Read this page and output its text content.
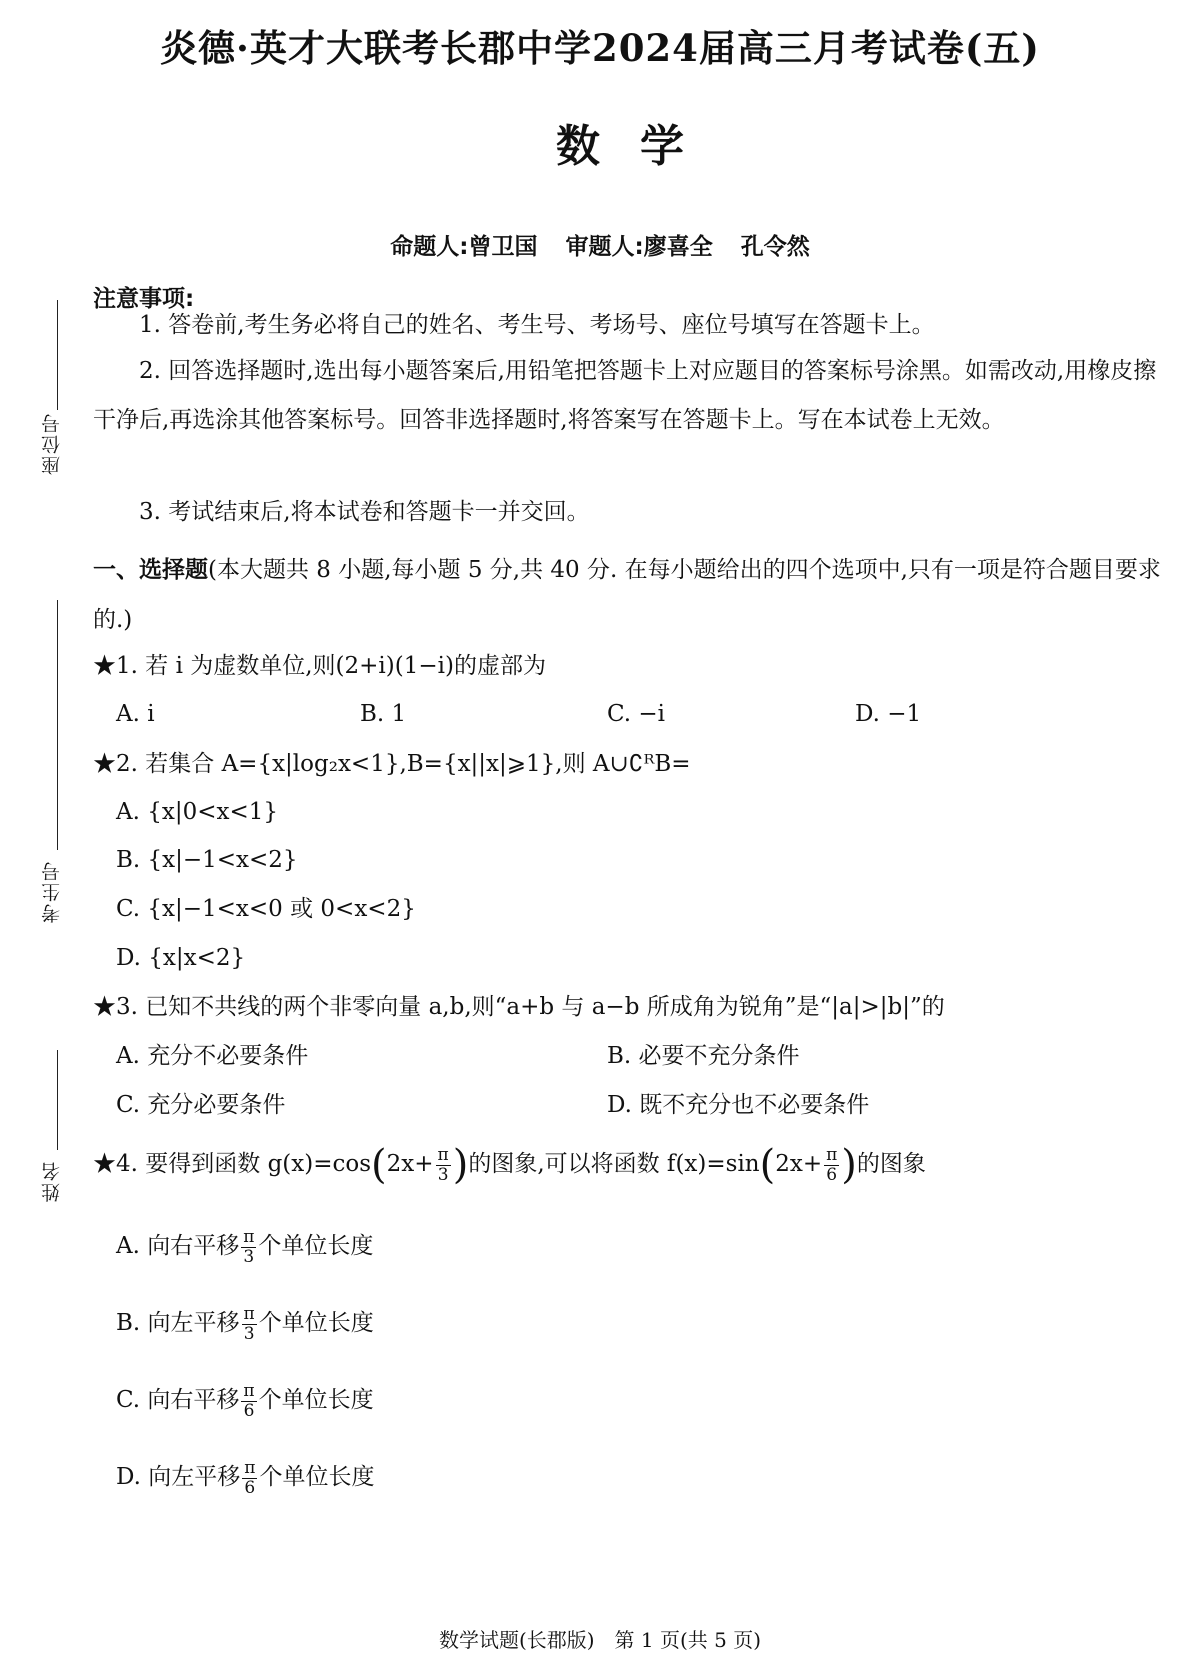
炎德·英才大联考长郡中学2024届高三月考试卷(五)
数学
命题人:曾卫国 审题人:廖喜全 孔令然
座位号
考生号
姓名
注意事项:
1. 答卷前,考生务必将自己的姓名、考生号、考场号、座位号填写在答题卡上。
2. 回答选择题时,选出每小题答案后,用铅笔把答题卡上对应题目的答案标号涂黑。如需改动,用橡皮擦干净后,再选涂其他答案标号。回答非选择题时,将答案写在答题卡上。写在本试卷上无效。
3. 考试结束后,将本试卷和答题卡一并交回。
一、选择题(本大题共 8 小题,每小题 5 分,共 40 分. 在每小题给出的四个选项中,只有一项是符合题目要求的.)
★1. 若 i 为虚数单位,则(2+i)(1−i)的虚部为
A. i	B. 1	C. −i	D. −1
★2. 若集合 A={x|log₂x<1},B={x||x|⩾1},则 A∪∁ᴿB=
A. {x|0<x<1}
B. {x|−1<x<2}
C. {x|−1<x<0 或 0<x<2}
D. {x|x<2}
★3. 已知不共线的两个非零向量 a,b,则“a+b 与 a−b 所成角为锐角”是“|a|>|b|”的
A. 充分不必要条件	B. 必要不充分条件
C. 充分必要条件	D. 既不充分也不必要条件
★4. 要得到函数 $g(x)=\cos(2x+ \frac{\pi}{3}$ )的图象,可以将函数 $f(x)=\sin(2x+ \frac{\pi}{6}$ )的图象
A. 向右平移 $\frac{\pi}{3}$ 个单位长度
B. 向左平移 $\frac{\pi}{3}$ 个单位长度
C. 向右平移 $\frac{\pi}{6}$ 个单位长度
D. 向左平移 $\frac{\pi}{6}$ 个单位长度
数学试题(长郡版)　第 1 页(共 5 页)
